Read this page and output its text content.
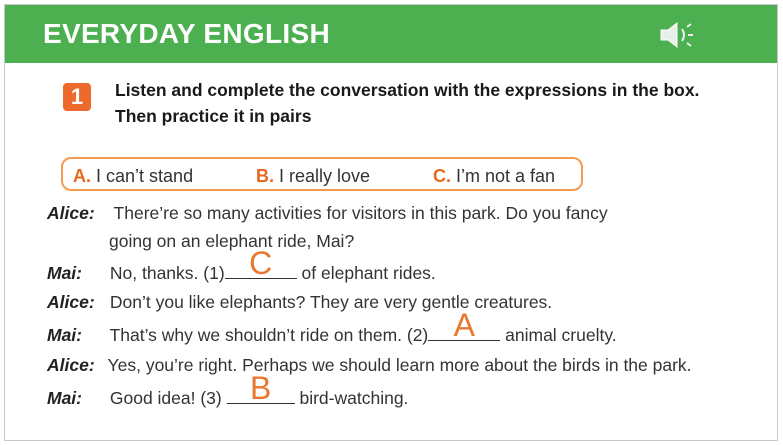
EVERYDAY ENGLISH
1	Listen and complete the conversation with the expressions in the box. Then practice it in pairs
A. I can’t stand	B. I really love	C. I’m not a fan
Alice: There’re so many activities for visitors in this park. Do you fancy
going on an elephant ride, Mai?
Mai: No, thanks. (1) C of elephant rides.
Alice: Don’t you like elephants? They are very gentle creatures.
Mai: That’s why we shouldn’t ride on them. (2) A animal cruelty.
Alice: Yes, you’re right. Perhaps we should learn more about the birds in the park.
Mai: Good idea! (3) B bird-watching.
